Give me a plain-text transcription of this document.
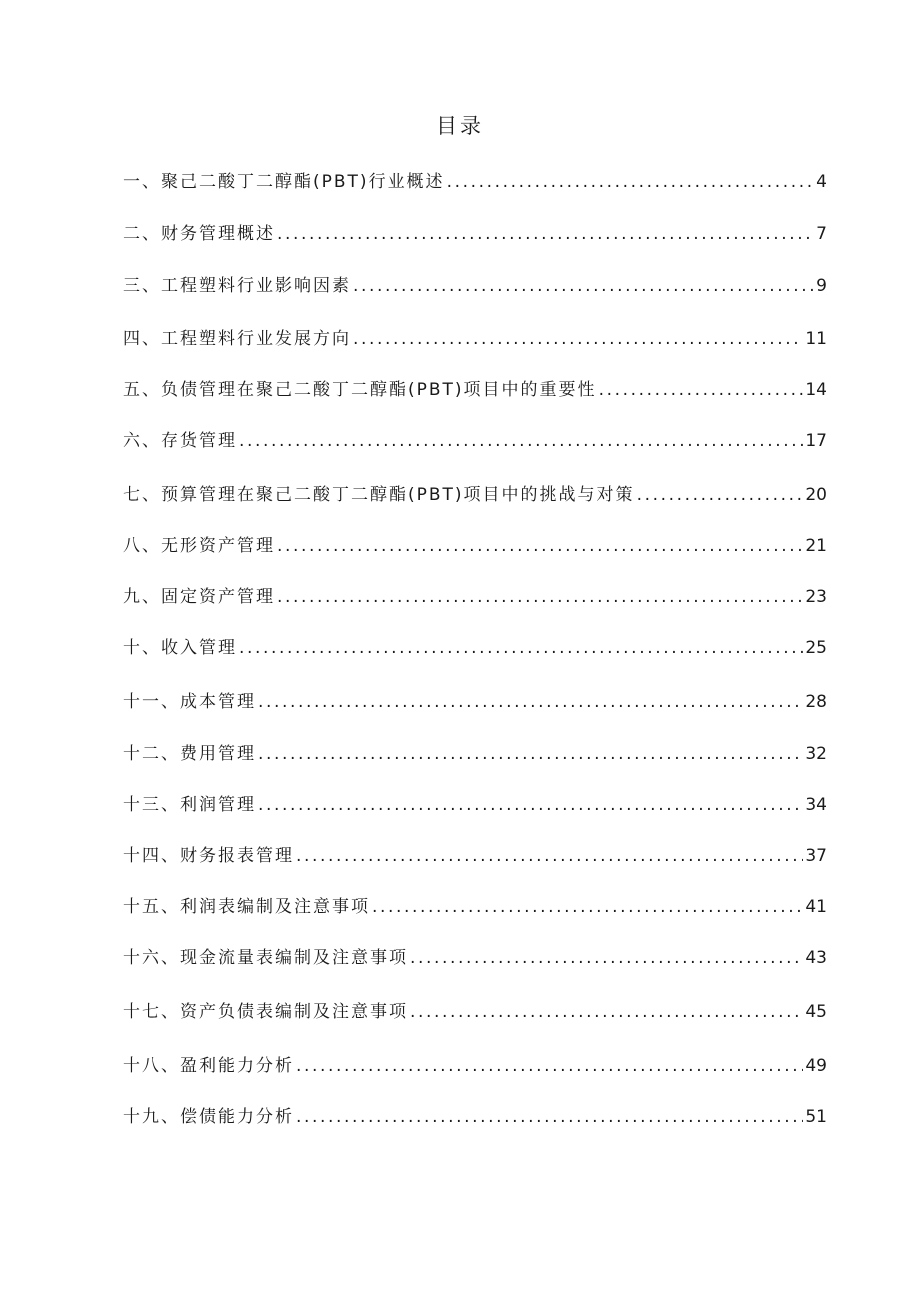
目录
一、聚己二酸丁二醇酯(PBT)行业概述 .....	4
二、财务管理概述 .....	7
三、工程塑料行业影响因素 .....	9
四、工程塑料行业发展方向 .....	11
五、负债管理在聚己二酸丁二醇酯(PBT)项目中的重要性 .....	14
六、存货管理 .....	17
七、预算管理在聚己二酸丁二醇酯(PBT)项目中的挑战与对策 .....	20
八、无形资产管理 .....	21
九、固定资产管理 .....	23
十、收入管理 .....	25
十一、成本管理 .....	28
十二、费用管理 .....	32
十三、利润管理 .....	34
十四、财务报表管理 .....	37
十五、利润表编制及注意事项 .....	41
十六、现金流量表编制及注意事项 .....	43
十七、资产负债表编制及注意事项 .....	45
十八、盈利能力分析 .....	49
十九、偿债能力分析 .....	51
